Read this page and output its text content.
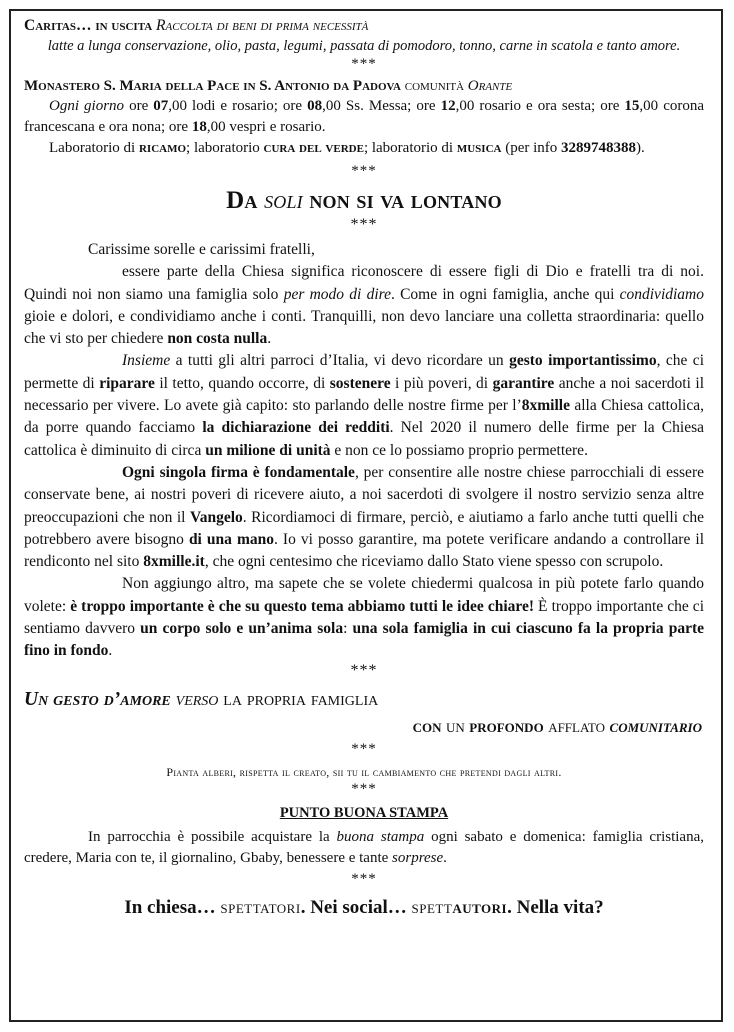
Caritas… in uscita Raccolta di beni di prima necessità
latte a lunga conservazione, olio, pasta, legumi, passata di pomodoro, tonno, carne in scatola e tanto amore.
***
Monastero S. Maria della Pace in S. Antonio da Padova comunità Orante
Ogni giorno ore 07,00 lodi e rosario; ore 08,00 Ss. Messa; ore 12,00 rosario e ora sesta; ore 15,00 corona francescana e ora nona; ore 18,00 vespri e rosario.
Laboratorio di ricamo; laboratorio cura del verde; laboratorio di musica (per info 3289748388).
***
Da soli non si va lontano
***
Carissime sorelle e carissimi fratelli,
essere parte della Chiesa significa riconoscere di essere figli di Dio e fratelli tra di noi. Quindi noi non siamo una famiglia solo per modo di dire. Come in ogni famiglia, anche qui condividiamo gioie e dolori, e condividiamo anche i conti. Tranquilli, non devo lanciare una colletta straordinaria: quello che vi sto per chiedere non costa nulla.
Insieme a tutti gli altri parroci d’Italia, vi devo ricordare un gesto importantissimo, che ci permette di riparare il tetto, quando occorre, di sostenere i più poveri, di garantire anche a noi sacerdoti il necessario per vivere. Lo avete già capito: sto parlando delle nostre firme per l’8xmille alla Chiesa cattolica, da porre quando facciamo la dichiarazione dei redditi. Nel 2020 il numero delle firme per la Chiesa cattolica è diminuito di circa un milione di unità e non ce lo possiamo proprio permettere.
Ogni singola firma è fondamentale, per consentire alle nostre chiese parrocchiali di essere conservate bene, ai nostri poveri di ricevere aiuto, a noi sacerdoti di svolgere il nostro servizio senza altre preoccupazioni che non il Vangelo. Ricordiamoci di firmare, perciò, e aiutiamo a farlo anche tutti quelli che potrebbero avere bisogno di una mano. Io vi posso garantire, ma potete verificare andando a controllare il rendiconto nel sito 8xmille.it, che ogni centesimo che riceviamo dallo Stato viene spesso con scrupolo.
Non aggiungo altro, ma sapete che se volete chiedermi qualcosa in più potete farlo quando volete: è troppo importante è che su questo tema abbiamo tutti le idee chiare! È troppo importante che ci sentiamo davvero un corpo solo e un’anima sola: una sola famiglia in cui ciascuno fa la propria parte fino in fondo.
***
Un gesto d’amore verso la propria famiglia
con un profondo afflato comunitario
***
Pianta alberi, rispetta il creato, sii tu il cambiamento che pretendi dagli altri.
***
PUNTO BUONA STAMPA
In parrocchia è possibile acquistare la buona stampa ogni sabato e domenica: famiglia cristiana, credere, Maria con te, il giornalino, Gbaby, benessere e tante sorprese.
***
In chiesa… spettatori. Nei social… spettautori. Nella vita?
